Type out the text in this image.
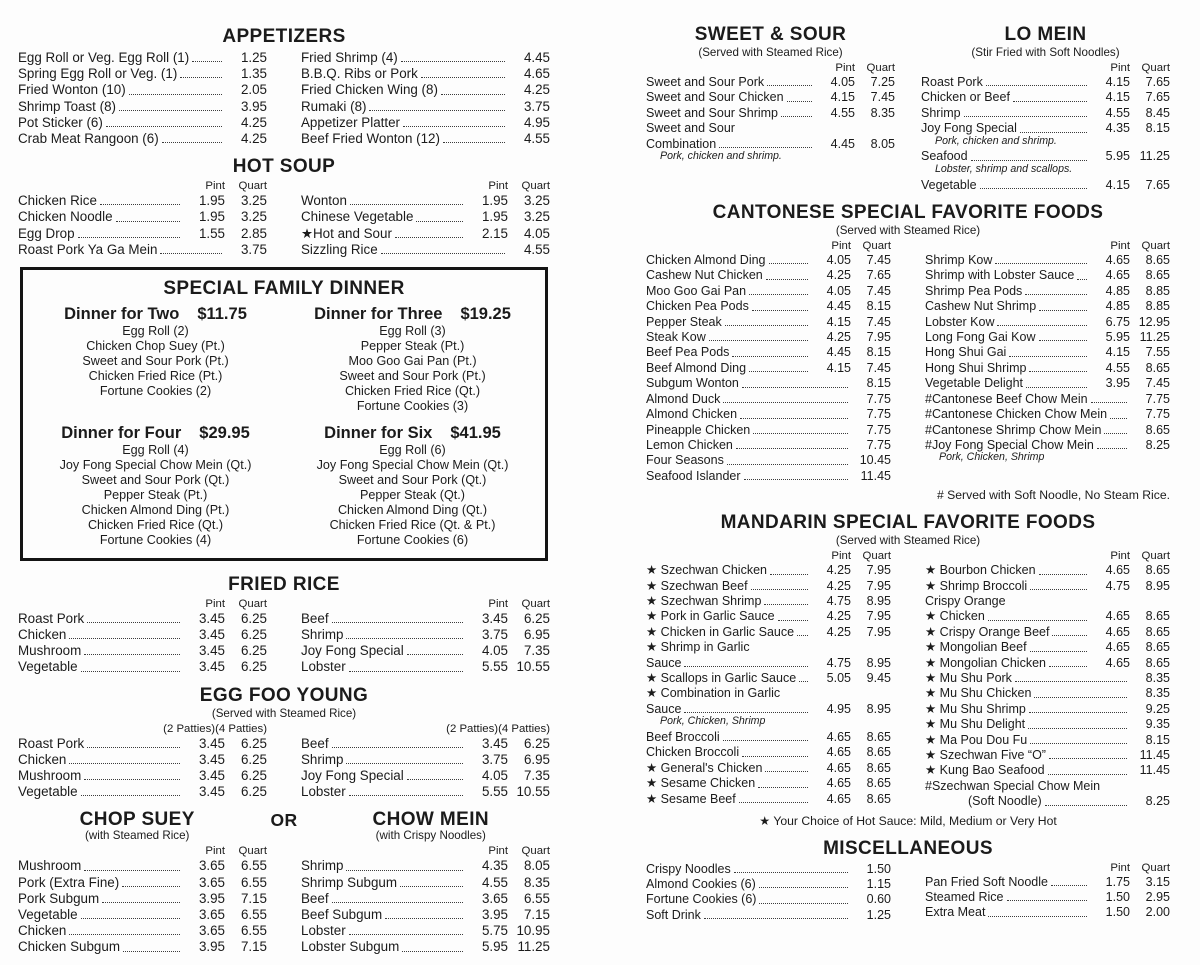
APPETIZERS
Egg Roll or Veg. Egg Roll (1)	1.25
Spring Egg Roll or Veg. (1)	1.35
Fried Wonton (10)	2.05
Shrimp Toast (8)	3.95
Pot Sticker (6)	4.25
Crab Meat Rangoon (6)	4.25
Fried Shrimp (4)	4.45
B.B.Q. Ribs or Pork	4.65
Fried Chicken Wing (8)	4.25
Rumaki (8)	3.75
Appetizer Platter	4.95
Beef Fried Wonton (12)	4.55
HOT SOUP
Pint	Quart
Chicken Rice	1.95	3.25
Chicken Noodle	1.95	3.25
Egg Drop	1.55	2.85
Roast Pork Ya Ga Mein	3.75
Pint	Quart
Wonton	1.95	3.25
Chinese Vegetable	1.95	3.25
★Hot and Sour	2.15	4.05
Sizzling Rice	4.55
SPECIAL FAMILY DINNER
Dinner for Two $11.75
Egg Roll (2)
Chicken Chop Suey (Pt.)
Sweet and Sour Pork (Pt.)
Chicken Fried Rice (Pt.)
Fortune Cookies (2)
Dinner for Three $19.25
Egg Roll (3)
Pepper Steak (Pt.)
Moo Goo Gai Pan (Pt.)
Sweet and Sour Pork (Pt.)
Chicken Fried Rice (Qt.)
Fortune Cookies (3)
Dinner for Four $29.95
Egg Roll (4)
Joy Fong Special Chow Mein (Qt.)
Sweet and Sour Pork (Qt.)
Pepper Steak (Pt.)
Chicken Almond Ding (Pt.)
Chicken Fried Rice (Qt.)
Fortune Cookies (4)
Dinner for Six $41.95
Egg Roll (6)
Joy Fong Special Chow Mein (Qt.)
Sweet and Sour Pork (Qt.)
Pepper Steak (Qt.)
Chicken Almond Ding (Qt.)
Chicken Fried Rice (Qt. & Pt.)
Fortune Cookies (6)
FRIED RICE
Pint	Quart
Roast Pork	3.45	6.25
Chicken	3.45	6.25
Mushroom	3.45	6.25
Vegetable	3.45	6.25
Pint	Quart
Beef	3.45	6.25
Shrimp	3.75	6.95
Joy Fong Special	4.05	7.35
Lobster	5.55 10.55
EGG FOO YOUNG
(Served with Steamed Rice)
(2 Patties)(4 Patties)
Roast Pork	3.45	6.25
Chicken	3.45	6.25
Mushroom	3.45	6.25
Vegetable	3.45	6.25
(2 Patties)(4 Patties)
Beef	3.45	6.25
Shrimp	3.75	6.95
Joy Fong Special	4.05	7.35
Lobster	5.55 10.55
CHOP SUEY
(with Steamed Rice)
OR	CHOW MEIN
(with Crispy Noodles)
Pint	Quart
Mushroom	3.65	6.55
Pork (Extra Fine)	3.65	6.55
Pork Subgum	3.95	7.15
Vegetable	3.65	6.55
Chicken	3.65	6.55
Chicken Subgum	3.95	7.15
Pint	Quart
Shrimp	4.35	8.05
Shrimp Subgum	4.55	8.35
Beef	3.65	6.55
Beef Subgum	3.95	7.15
Lobster	5.75 10.95
Lobster Subgum	5.95 11.25
SWEET & SOUR
(Served with Steamed Rice)
Pint	Quart
Sweet and Sour Pork	4.05	7.25
Sweet and Sour Chicken	4.15	7.45
Sweet and Sour Shrimp	4.55	8.35
Sweet and Sour
Combination	4.45	8.05
Pork, chicken and shrimp.
LO MEIN
(Stir Fried with Soft Noodles)
Pint	Quart
Roast Pork	4.15	7.65
Chicken or Beef	4.15	7.65
Shrimp	4.55	8.45
Joy Fong Special	4.35	8.15
Pork, chicken and shrimp.
Seafood	5.95 11.25
Lobster, shrimp and scallops.
Vegetable	4.15	7.65
CANTONESE SPECIAL FAVORITE FOODS
(Served with Steamed Rice)
Pint	Quart
Chicken Almond Ding	4.05	7.45
Cashew Nut Chicken	4.25	7.65
Moo Goo Gai Pan	4.05	7.45
Chicken Pea Pods	4.45	8.15
Pepper Steak	4.15	7.45
Steak Kow	4.25	7.95
Beef Pea Pods	4.45	8.15
Beef Almond Ding	4.15	7.45
Subgum Wonton	8.15
Almond Duck	7.75
Almond Chicken	7.75
Pineapple Chicken	7.75
Lemon Chicken	7.75
Four Seasons	10.45
Seafood Islander	11.45
Pint	Quart
Shrimp Kow	4.65	8.65
Shrimp with Lobster Sauce	4.65	8.65
Shrimp Pea Pods	4.85	8.85
Cashew Nut Shrimp	4.85	8.85
Lobster Kow	6.75 12.95
Long Fong Gai Kow	5.95 11.25
Hong Shui Gai	4.15	7.55
Hong Shui Shrimp	4.55	8.65
Vegetable Delight	3.95	7.45
#Cantonese Beef Chow Mein	7.75
#Cantonese Chicken Chow Mein	7.75
#Cantonese Shrimp Chow Mein	8.65
#Joy Fong Special Chow Mein	8.25
Pork, Chicken, Shrimp
# Served with Soft Noodle, No Steam Rice.
MANDARIN SPECIAL FAVORITE FOODS
(Served with Steamed Rice)
Pint	Quart
★ Szechwan Chicken	4.25	7.95
★ Szechwan Beef	4.25	7.95
★ Szechwan Shrimp	4.75	8.95
★ Pork in Garlic Sauce	4.25	7.95
★ Chicken in Garlic Sauce	4.25	7.95
★ Shrimp in Garlic
Sauce	4.75	8.95
★ Scallops in Garlic Sauce	5.05	9.45
★ Combination in Garlic
Sauce	4.95	8.95
Pork, Chicken, Shrimp
Beef Broccoli	4.65	8.65
Chicken Broccoli	4.65	8.65
★ General's Chicken	4.65	8.65
★ Sesame Chicken	4.65	8.65
★ Sesame Beef	4.65	8.65
Pint	Quart
★ Bourbon Chicken	4.65	8.65
★ Shrimp Broccoli	4.75	8.95
Crispy Orange
★ Chicken	4.65	8.65
★ Crispy Orange Beef	4.65	8.65
★ Mongolian Beef	4.65	8.65
★ Mongolian Chicken	4.65	8.65
★ Mu Shu Pork	8.35
★ Mu Shu Chicken	8.35
★ Mu Shu Shrimp	9.25
★ Mu Shu Delight	9.35
★ Ma Pou Dou Fu	8.15
★ Szechwan Five “O”	11.45
★ Kung Bao Seafood	11.45
#Szechwan Special Chow Mein
(Soft Noodle)	8.25
★ Your Choice of Hot Sauce: Mild, Medium or Very Hot
MISCELLANEOUS
Crispy Noodles	1.50
Almond Cookies (6)	1.15
Fortune Cookies (6)	0.60
Soft Drink	1.25
Pint	Quart
Pan Fried Soft Noodle	1.75	3.15
Steamed Rice	1.50	2.95
Extra Meat	1.50	2.00
